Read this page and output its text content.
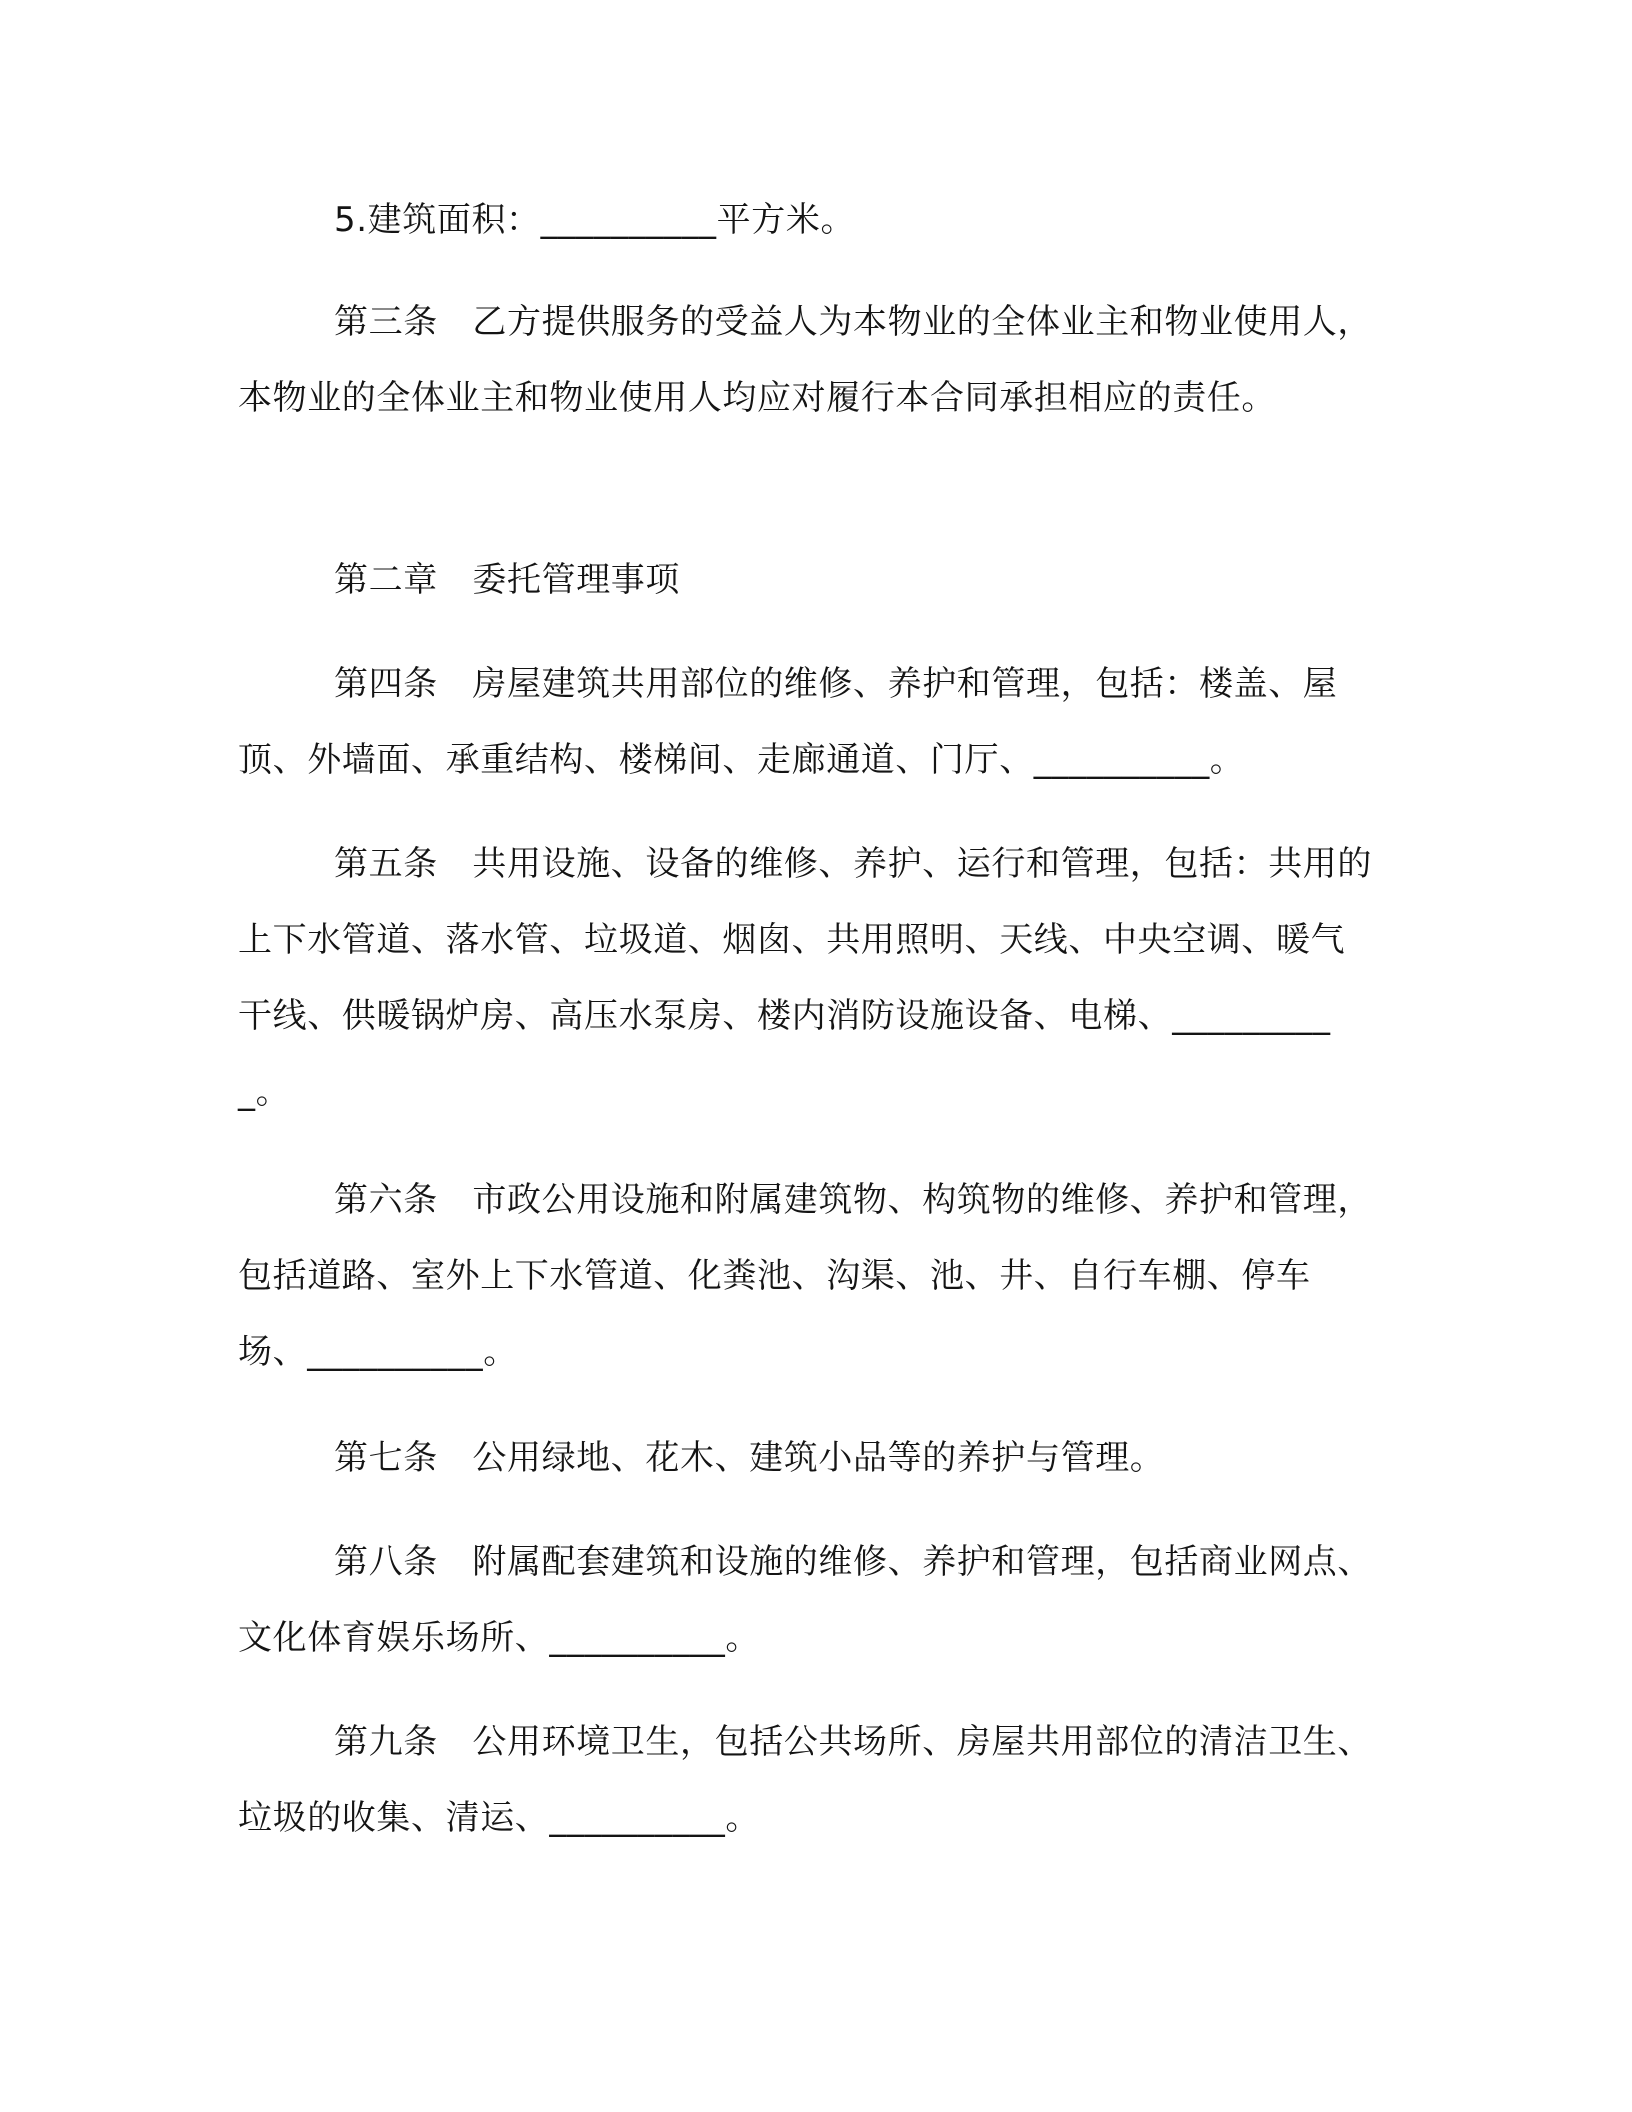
5.建筑面积：__________平方米。

第三条　乙方提供服务的受益人为本物业的全体业主和物业使用人，本物业的全体业主和物业使用人均应对履行本合同承担相应的责任。

第二章　委托管理事项

第四条　房屋建筑共用部位的维修、养护和管理，包括：楼盖、屋顶、外墙面、承重结构、楼梯间、走廊通道、门厅、__________。

第五条　共用设施、设备的维修、养护、运行和管理，包括：共用的上下水管道、落水管、垃圾道、烟囱、共用照明、天线、中央空调、暖气干线、供暖锅炉房、高压水泵房、楼内消防设施设备、电梯、__________。

第六条　市政公用设施和附属建筑物、构筑物的维修、养护和管理，包括道路、室外上下水管道、化粪池、沟渠、池、井、自行车棚、停车场、__________。

第七条　公用绿地、花木、建筑小品等的养护与管理。

第八条　附属配套建筑和设施的维修、养护和管理，包括商业网点、文化体育娱乐场所、__________。

第九条　公用环境卫生，包括公共场所、房屋共用部位的清洁卫生、垃圾的收集、清运、__________。
